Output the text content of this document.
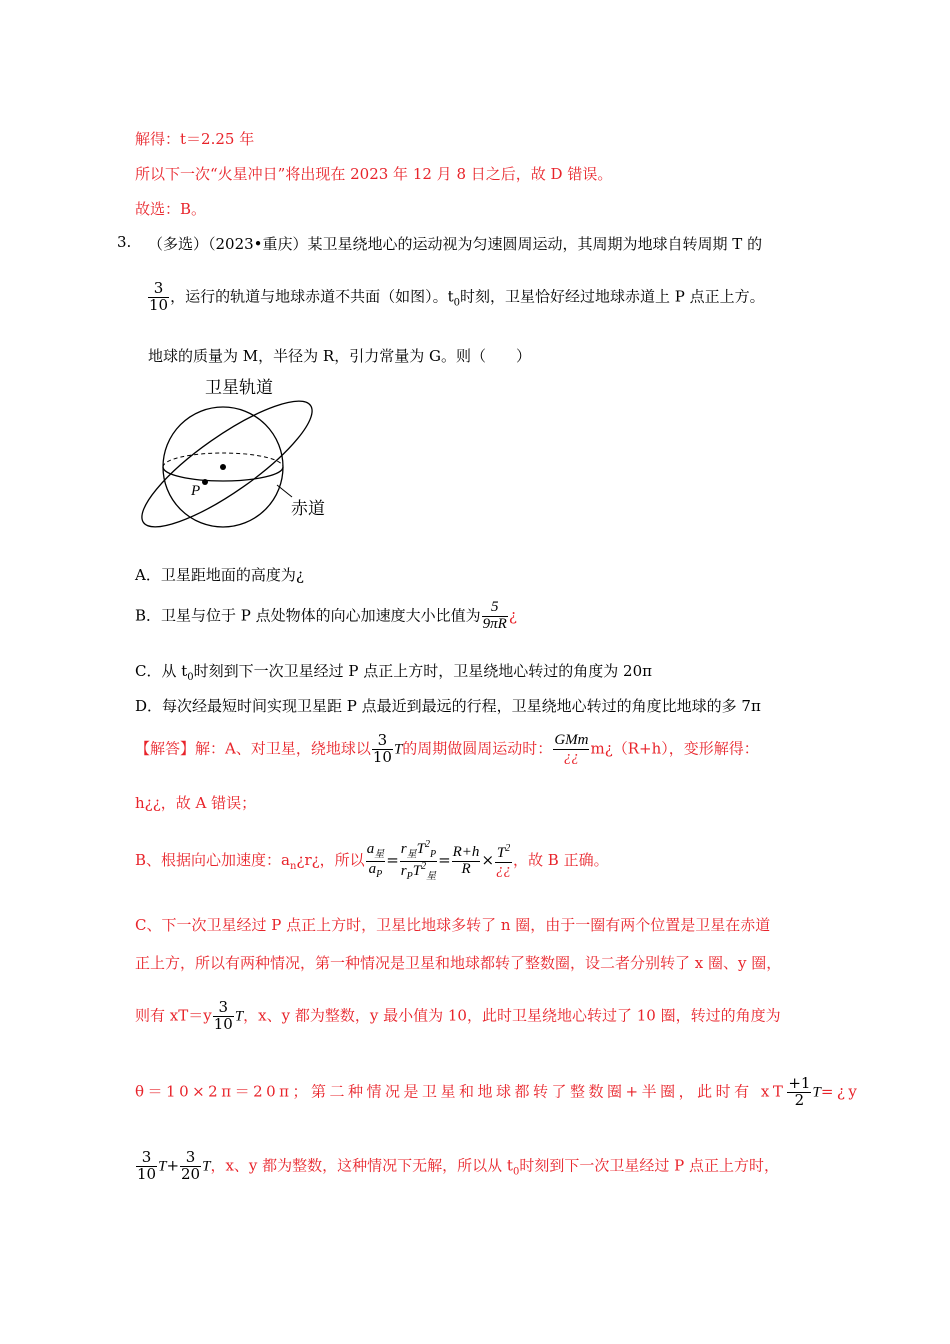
解得：t＝2.25 年
所以下一次“火星冲日”将出现在 2023 年 12 月 8 日之后，故 D 错误。
故选：B。
3. （多选）（2023•重庆）某卫星绕地心的运动视为匀速圆周运动，其周期为地球自转周期 T 的
$\frac{3}{10}$ ，运行的轨道与地球赤道不共面（如图）。$t_0$时刻，卫星恰好经过地球赤道上 P 点正上方。
地球的质量为 M，半径为 R，引力常量为 G。则（　　）
卫星轨道
赤道
P
A．卫星距地面的高度为¿
B．卫星与位于 P 点处物体的向心加速度大小比值为 $\frac{5}{9\pi R}$ ¿
C．从 $t_0$时刻到下一次卫星经过 P 点正上方时，卫星绕地心转过的角度为 20π
D．每次经最短时间实现卫星距 P 点最近到最远的行程，卫星绕地心转过的角度比地球的多 7π
【解答】解：A、对卫星，绕地球以 $\frac{3}{10}$ T的周期做圆周运动时： $\frac{\text{GMm}}{¿¿}$ m¿（R+h），变形解得：
h¿¿，故 A 错误；
B、根据向心加速度：$a_n¿r¿$，所以 $\frac{a_星}{a_P} = \frac{r_星T^2_P}{r_PT^2_星} = \frac{R+h}{R} \times \frac{T^2}{¿¿}$ ，故 B 正确。
C、下一次卫星经过 P 点正上方时，卫星比地球多转了 n 圈，由于一圈有两个位置是卫星在赤道
正上方，所以有两种情况，第一种情况是卫星和地球都转了整数圈，设二者分别转了 x 圈、y 圈，
则有 $xT=y \frac{3}{10}$ T，x、y 都为整数，y 最小值为 10，此时卫星绕地心转过了 10 圈，转过的角度为
θ＝10×2π＝20π；第二种情况是卫星和地球都转了整数圈+半圈，此时有 xT $\frac{+1}{2}$ T=¿y
$\frac{3}{10} T+ \frac{3}{20}$ T，x、y 都为整数，这种情况下无解，所以从 $t_0$时刻到下一次卫星经过 P 点正上方时，
